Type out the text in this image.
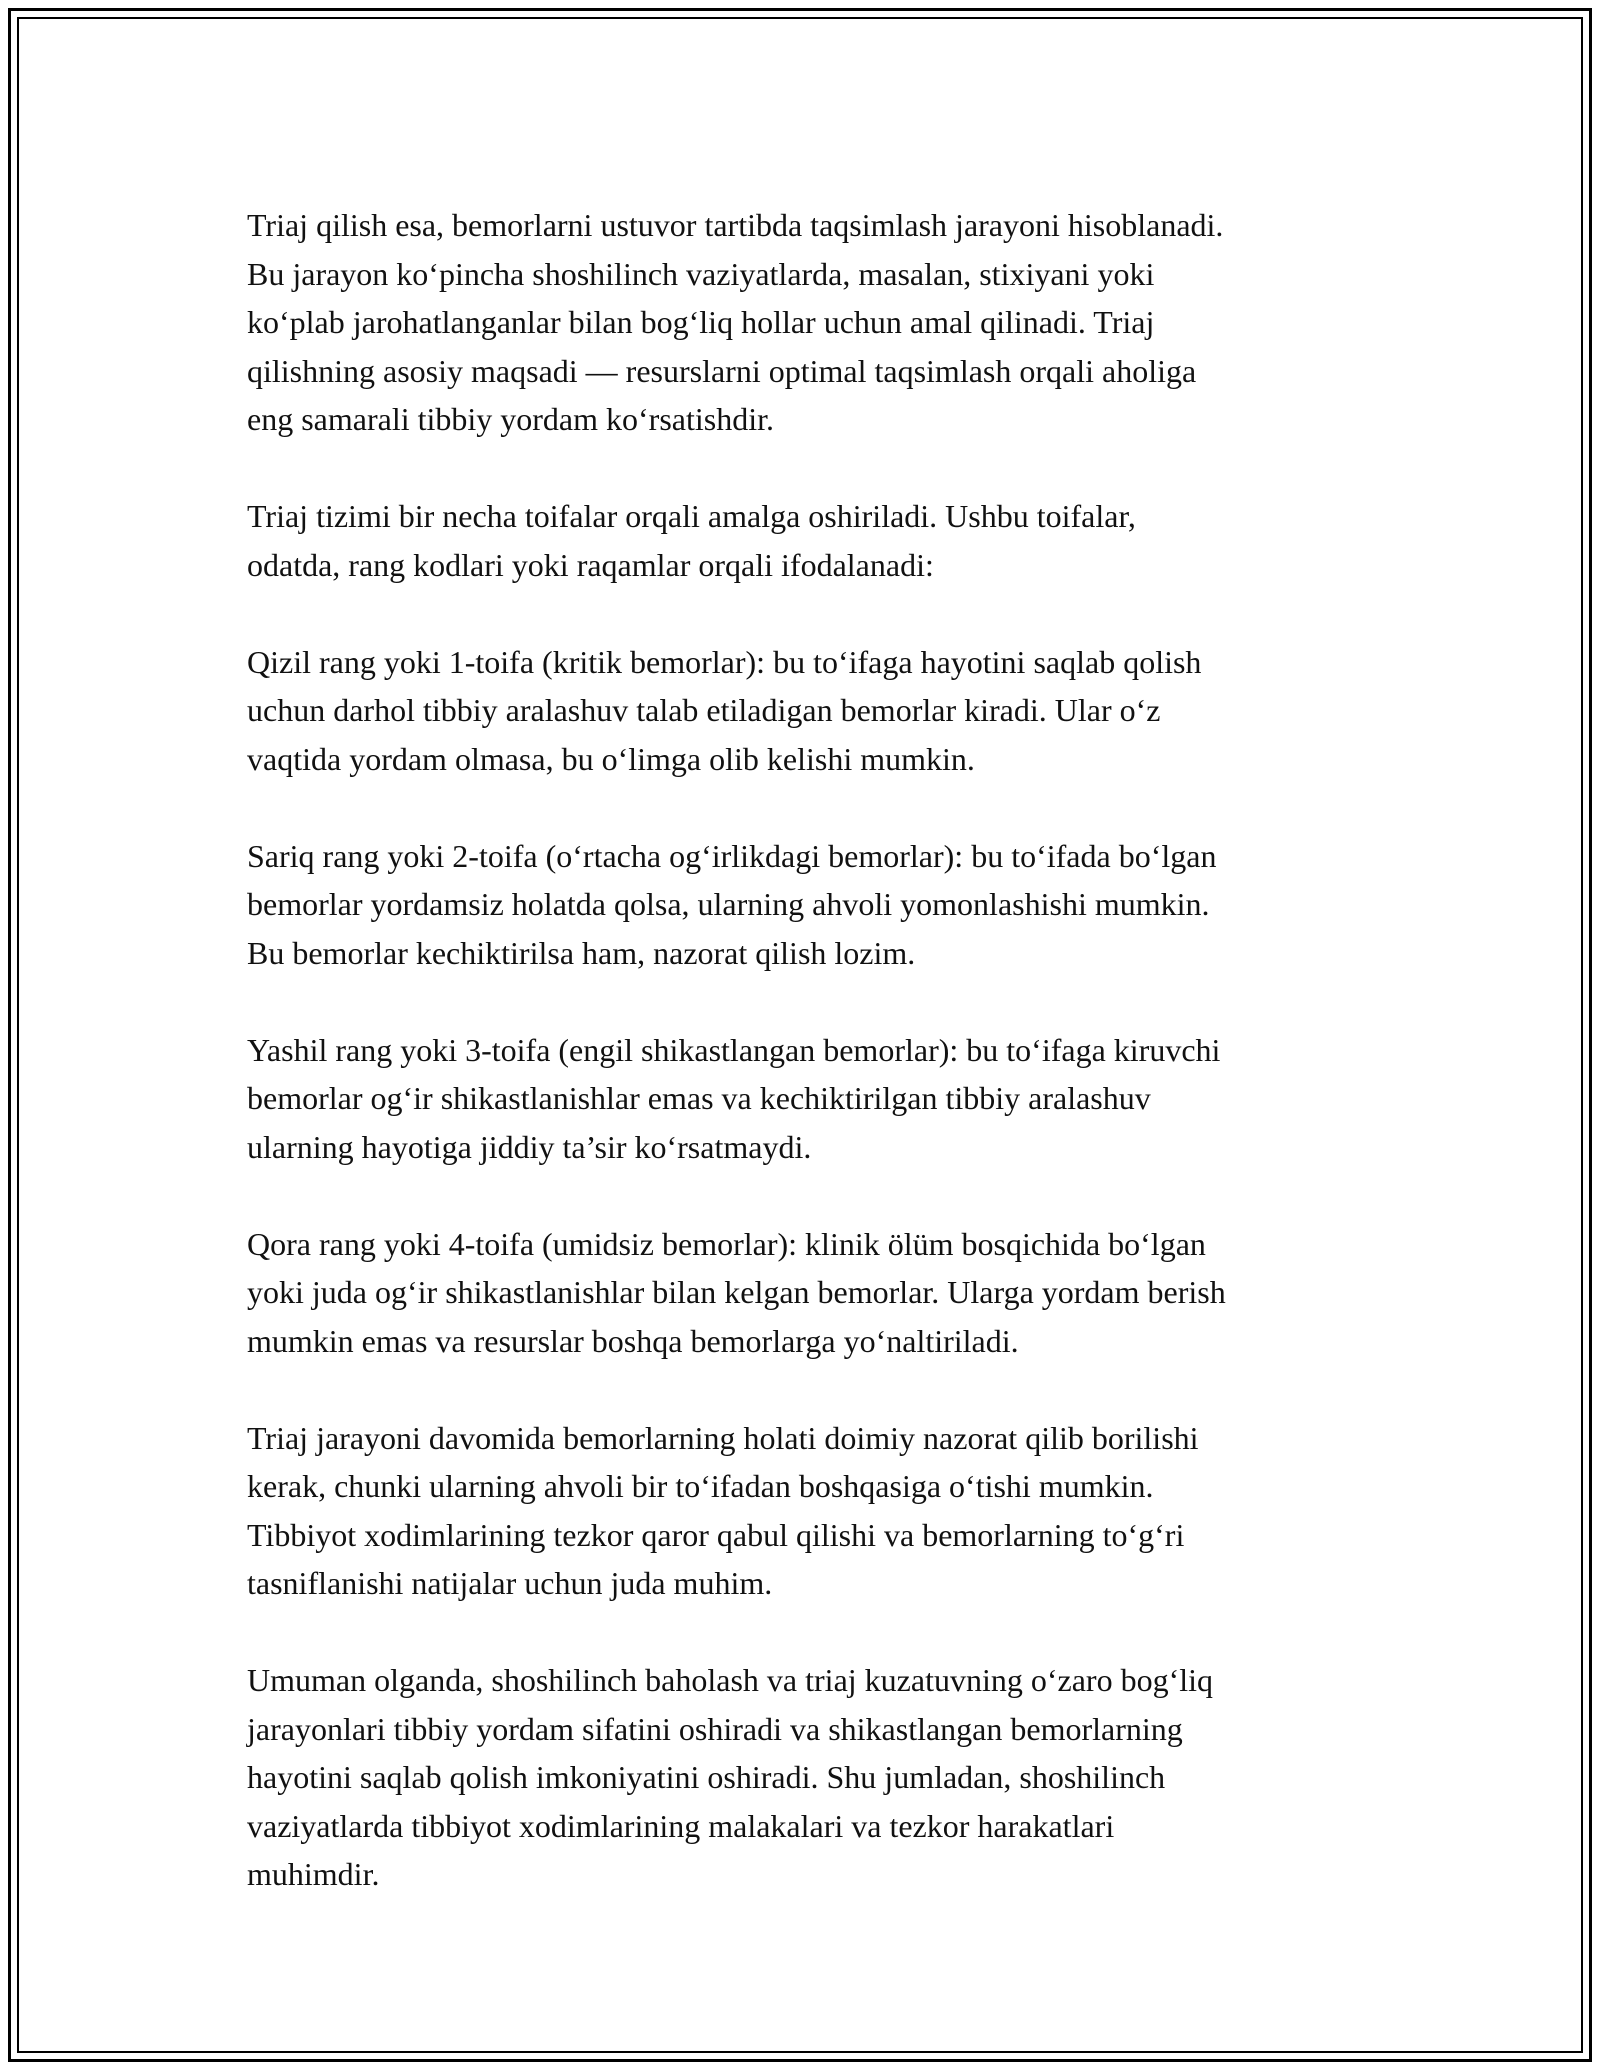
Triaj qilish esa, bemorlarni ustuvor tartibda taqsimlash jarayoni hisoblanadi.
Bu jarayon ko‘pincha shoshilinch vaziyatlarda, masalan, stixiyani yoki
ko‘plab jarohatlanganlar bilan bog‘liq hollar uchun amal qilinadi. Triaj
qilishning asosiy maqsadi — resurslarni optimal taqsimlash orqali aholiga
eng samarali tibbiy yordam ko‘rsatishdir.

Triaj tizimi bir necha toifalar orqali amalga oshiriladi. Ushbu toifalar,
odatda, rang kodlari yoki raqamlar orqali ifodalanadi:

Qizil rang yoki 1-toifa (kritik bemorlar): bu to‘ifaga hayotini saqlab qolish
uchun darhol tibbiy aralashuv talab etiladigan bemorlar kiradi. Ular o‘z
vaqtida yordam olmasa, bu o‘limga olib kelishi mumkin.

Sariq rang yoki 2-toifa (o‘rtacha og‘irlikdagi bemorlar): bu to‘ifada bo‘lgan
bemorlar yordamsiz holatda qolsa, ularning ahvoli yomonlashishi mumkin.
Bu bemorlar kechiktirilsa ham, nazorat qilish lozim.

Yashil rang yoki 3-toifa (engil shikastlangan bemorlar): bu to‘ifaga kiruvchi
bemorlar og‘ir shikastlanishlar emas va kechiktirilgan tibbiy aralashuv
ularning hayotiga jiddiy ta’sir ko‘rsatmaydi.

Qora rang yoki 4-toifa (umidsiz bemorlar): klinik ölüm bosqichida bo‘lgan
yoki juda og‘ir shikastlanishlar bilan kelgan bemorlar. Ularga yordam berish
mumkin emas va resurslar boshqa bemorlarga yo‘naltiriladi.

Triaj jarayoni davomida bemorlarning holati doimiy nazorat qilib borilishi
kerak, chunki ularning ahvoli bir to‘ifadan boshqasiga o‘tishi mumkin.
Tibbiyot xodimlarining tezkor qaror qabul qilishi va bemorlarning to‘g‘ri
tasniflanishi natijalar uchun juda muhim.

Umuman olganda, shoshilinch baholash va triaj kuzatuvning o‘zaro bog‘liq
jarayonlari tibbiy yordam sifatini oshiradi va shikastlangan bemorlarning
hayotini saqlab qolish imkoniyatini oshiradi. Shu jumladan, shoshilinch
vaziyatlarda tibbiyot xodimlarining malakalari va tezkor harakatlari
muhimdir.
